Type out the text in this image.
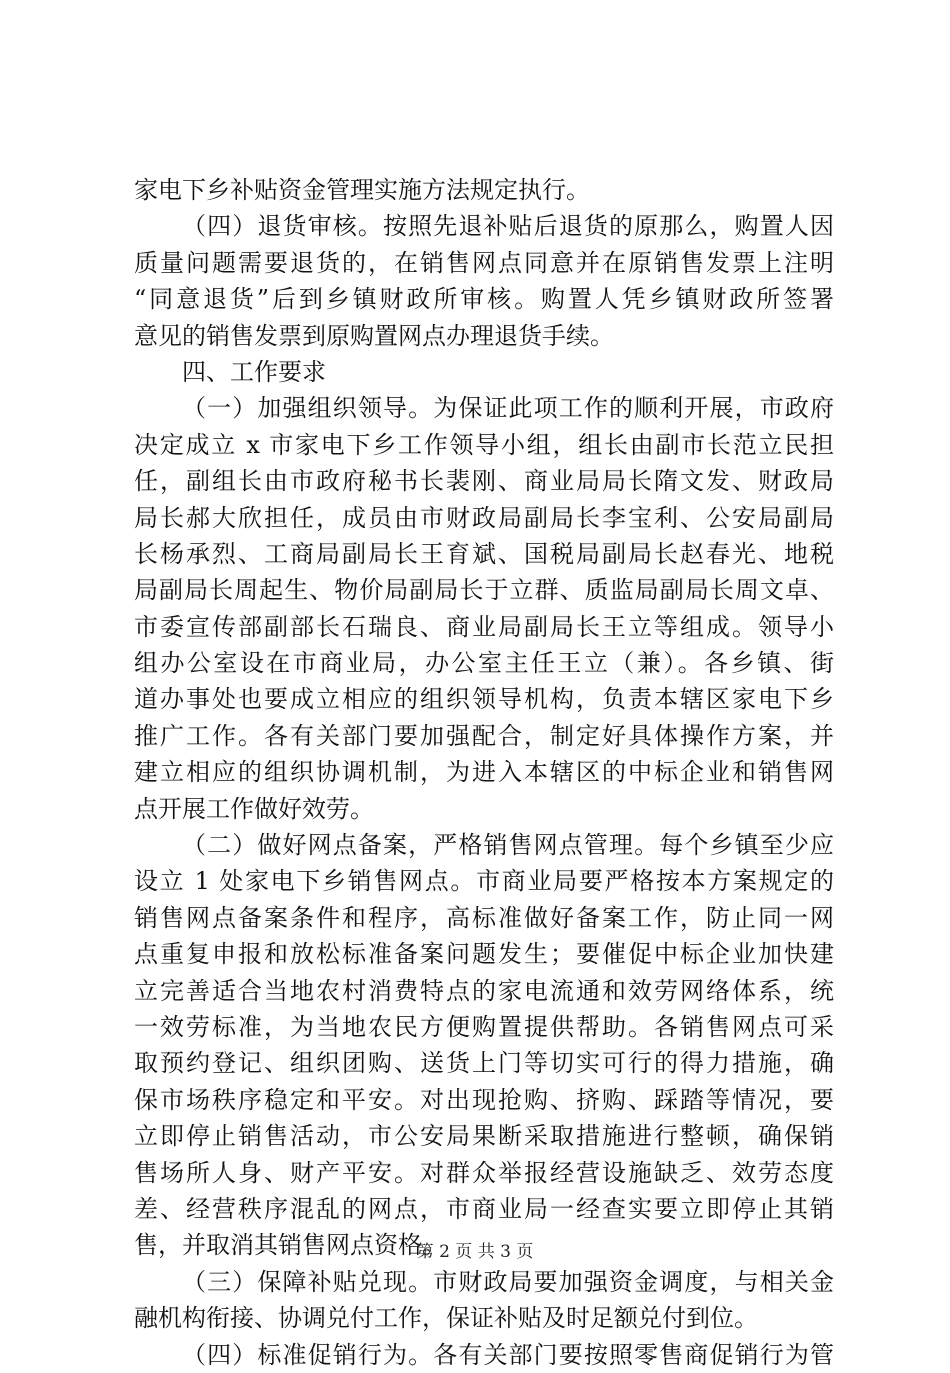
家电下乡补贴资金管理实施方法规定执行。
（四）退货审核。按照先退补贴后退货的原那么，购置人因
质量问题需要退货的，在销售网点同意并在原销售发票上注明
“同意退货”后到乡镇财政所审核。购置人凭乡镇财政所签署
意见的销售发票到原购置网点办理退货手续。
四、工作要求
（一）加强组织领导。为保证此项工作的顺利开展，市政府
决定成立 x 市家电下乡工作领导小组，组长由副市长范立民担
任，副组长由市政府秘书长裴刚、商业局局长隋文发、财政局
局长郝大欣担任，成员由市财政局副局长李宝利、公安局副局
长杨承烈、工商局副局长王育斌、国税局副局长赵春光、地税
局副局长周起生、物价局副局长于立群、质监局副局长周文卓、
市委宣传部副部长石瑞良、商业局副局长王立等组成。领导小
组办公室设在市商业局，办公室主任王立（兼）。各乡镇、街
道办事处也要成立相应的组织领导机构，负责本辖区家电下乡
推广工作。各有关部门要加强配合，制定好具体操作方案，并
建立相应的组织协调机制，为进入本辖区的中标企业和销售网
点开展工作做好效劳。
（二）做好网点备案，严格销售网点管理。每个乡镇至少应
设立 1 处家电下乡销售网点。市商业局要严格按本方案规定的
销售网点备案条件和程序，高标准做好备案工作，防止同一网
点重复申报和放松标准备案问题发生；要催促中标企业加快建
立完善适合当地农村消费特点的家电流通和效劳网络体系，统
一效劳标准，为当地农民方便购置提供帮助。各销售网点可采
取预约登记、组织团购、送货上门等切实可行的得力措施，确
保市场秩序稳定和平安。对出现抢购、挤购、踩踏等情况，要
立即停止销售活动，市公安局果断采取措施进行整顿，确保销
售场所人身、财产平安。对群众举报经营设施缺乏、效劳态度
差、经营秩序混乱的网点，市商业局一经查实要立即停止其销
售，并取消其销售网点资格。
（三）保障补贴兑现。市财政局要加强资金调度，与相关金
融机构衔接、协调兑付工作，保证补贴及时足额兑付到位。
（四）标准促销行为。各有关部门要按照零售商促销行为管
第 2 页 共 3 页
